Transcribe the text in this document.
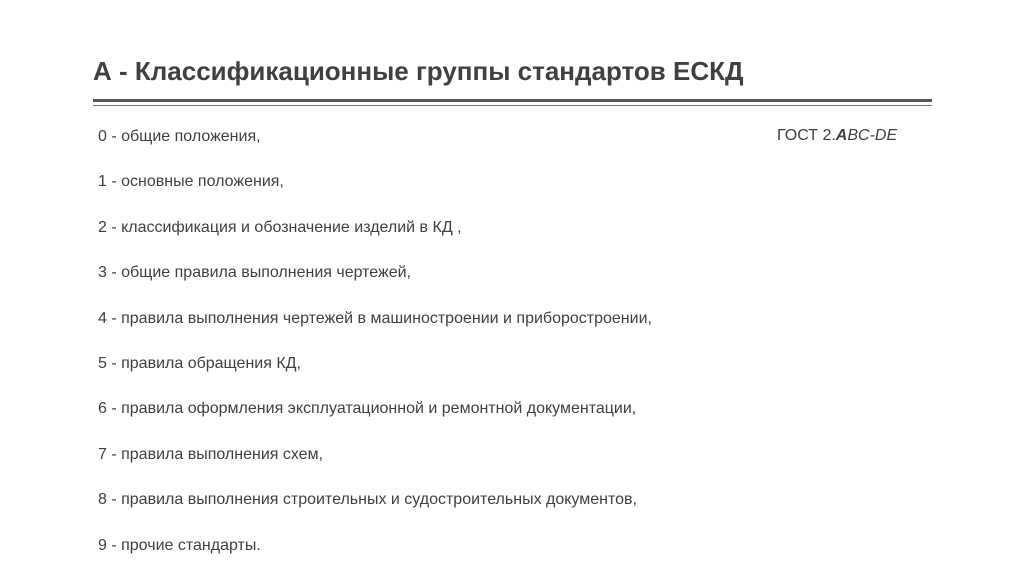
А - Классификационные группы стандартов ЕСКД
ГОСТ 2.АBC-DE
0 - общие положения,
1 - основные положения,
2 - классификация и обозначение изделий в КД ,
3 - общие правила выполнения чертежей,
4 - правила выполнения чертежей в машиностроении и приборостроении,
5 - правила обращения КД,
6 - правила оформления эксплуатационной и ремонтной документации,
7 - правила выполнения схем,
8 - правила выполнения строительных и судостроительных документов,
9 - прочие стандарты.
